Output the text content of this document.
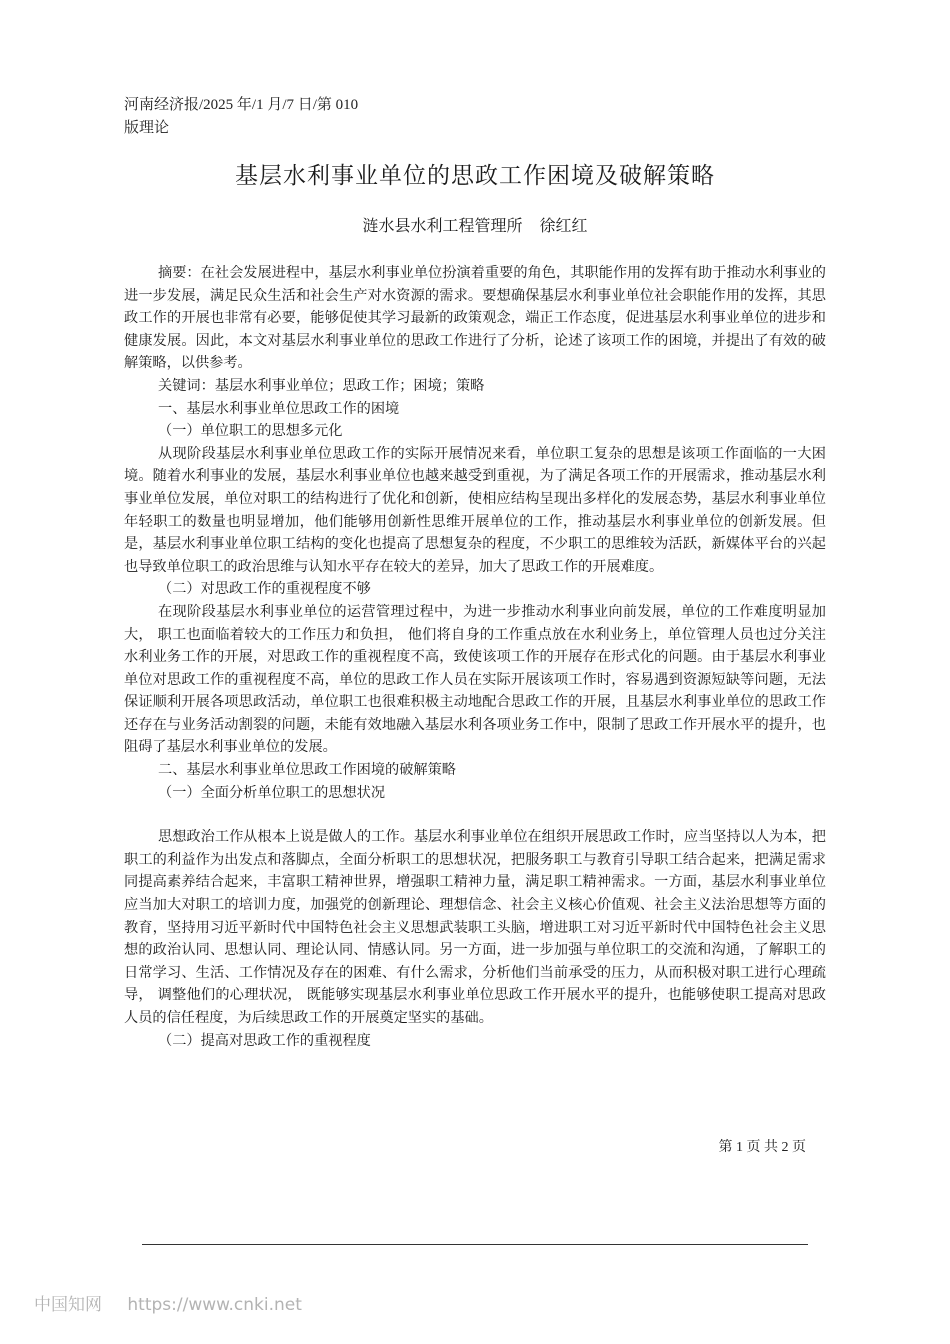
河南经济报/2025 年/1 月/7 日/第 010
版理论
基层水利事业单位的思政工作困境及破解策略
涟水县水利工程管理所 徐红红

摘要：在社会发展进程中，基层水利事业单位扮演着重要的角色，其职能作用的发挥有助于推动水利事业的进一步发展，满足民众生活和社会生产对水资源的需求。要想确保基层水利事业单位社会职能作用的发挥，其思政工作的开展也非常有必要，能够促使其学习最新的政策观念，端正工作态度，促进基层水利事业单位的进步和健康发展。因此，本文对基层水利事业单位的思政工作进行了分析，论述了该项工作的困境，并提出了有效的破解策略，以供参考。

关键词：基层水利事业单位；思政工作；困境；策略

一、基层水利事业单位思政工作的困境

（一）单位职工的思想多元化

从现阶段基层水利事业单位思政工作的实际开展情况来看，单位职工复杂的思想是该项工作面临的一大困境。随着水利事业的发展，基层水利事业单位也越来越受到重视，为了满足各项工作的开展需求，推动基层水利事业单位发展，单位对职工的结构进行了优化和创新，使相应结构呈现出多样化的发展态势，基层水利事业单位年轻职工的数量也明显增加，他们能够用创新性思维开展单位的工作，推动基层水利事业单位的创新发展。但是，基层水利事业单位职工结构的变化也提高了思想复杂的程度，不少职工的思维较为活跃，新媒体平台的兴起也导致单位职工的政治思维与认知水平存在较大的差异，加大了思政工作的开展难度。

（二）对思政工作的重视程度不够

在现阶段基层水利事业单位的运营管理过程中，为进一步推动水利事业向前发展，单位的工作难度明显加大， 职工也面临着较大的工作压力和负担， 他们将自身的工作重点放在水利业务上，单位管理人员也过分关注水利业务工作的开展，对思政工作的重视程度不高，致使该项工作的开展存在形式化的问题。由于基层水利事业单位对思政工作的重视程度不高，单位的思政工作人员在实际开展该项工作时，容易遇到资源短缺等问题，无法保证顺利开展各项思政活动，单位职工也很难积极主动地配合思政工作的开展，且基层水利事业单位的思政工作还存在与业务活动割裂的问题，未能有效地融入基层水利各项业务工作中，限制了思政工作开展水平的提升，也阻碍了基层水利事业单位的发展。

二、基层水利事业单位思政工作困境的破解策略

（一）全面分析单位职工的思想状况

思想政治工作从根本上说是做人的工作。基层水利事业单位在组织开展思政工作时，应当坚持以人为本，把职工的利益作为出发点和落脚点，全面分析职工的思想状况，把服务职工与教育引导职工结合起来，把满足需求同提高素养结合起来，丰富职工精神世界，增强职工精神力量，满足职工精神需求。一方面，基层水利事业单位应当加大对职工的培训力度，加强党的创新理论、理想信念、社会主义核心价值观、社会主义法治思想等方面的教育，坚持用习近平新时代中国特色社会主义思想武装职工头脑，增进职工对习近平新时代中国特色社会主义思想的政治认同、思想认同、理论认同、情感认同。另一方面，进一步加强与单位职工的交流和沟通，了解职工的日常学习、生活、工作情况及存在的困难、有什么需求，分析他们当前承受的压力，从而积极对职工进行心理疏导， 调整他们的心理状况， 既能够实现基层水利事业单位思政工作开展水平的提升，也能够使职工提高对思政人员的信任程度，为后续思政工作的开展奠定坚实的基础。

（二）提高对思政工作的重视程度

第 1 页 共 2 页
中国知网 https://www.cnki.net
